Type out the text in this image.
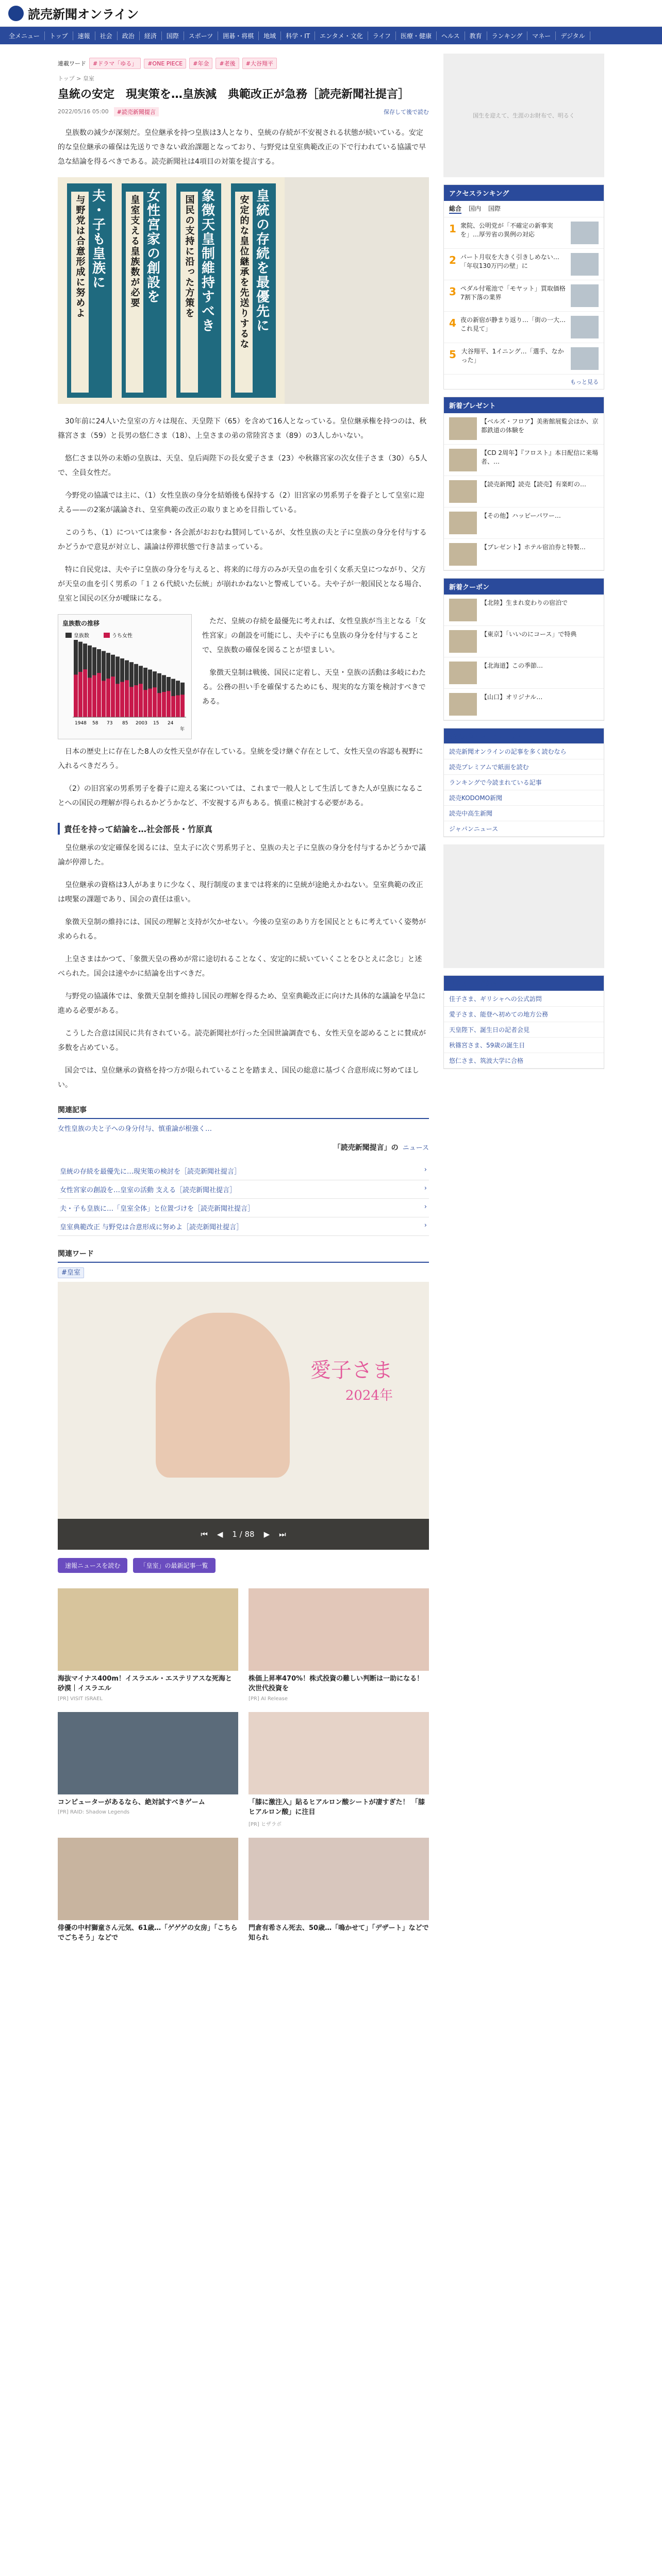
読売新聞オンライン
全メニュー	トップ	速報	社会	政治	経済	国際	スポーツ	囲碁・将棋	地域	科学・IT	エンタメ・文化	ライフ	医療・健康	ヘルス	教育	ランキング	マネー	デジタル
連載ワード	#ドラマ「ゆる」	#ONE PIECE	#年金	#老後	#大谷翔平
トップ > 皇室
皇統の安定　現実策を…皇族減　典範改正が急務［読売新聞社提言］
2022/05/16 05:00	#読売新聞提言	保存して後で読む

皇族数の減少が深刻だ。皇位継承を持つ皇族は3人となり、皇統の存続が不安視される状態が続いている。安定的な皇位継承の確保は先送りできない政治課題となっており、与野党は皇室典範改正の下で行われている協議で早急な結論を得るべきである。読売新聞社は4項目の対策を提言する。

皇統の存続を最優先に
安定的な皇位継承を先送りするな
象徴天皇制維持すべき
国民の支持に沿った方策を
女性宮家の創設を
皇室支える皇族数が必要
夫・子も皇族に
与野党は合意形成に努めよ

30年前に24人いた皇室の方々は現在、天皇陛下（65）を含めて16人となっている。皇位継承権を持つのは、秋篠宮さま（59）と長男の悠仁さま（18）、上皇さまの弟の常陸宮さま（89）の3人しかいない。

悠仁さま以外の未婚の皇族は、天皇、皇后両陛下の長女愛子さま（23）や秋篠宮家の次女佳子さま（30）ら5人で、全員女性だ。

今野党の協議では主に、（1）女性皇族の身分を結婚後も保持する（2）旧宮家の男系男子を養子として皇室に迎える——の2案が議論され、皇室典範の改正の取りまとめを目指している。

このうち、（1）については衆参・各会派がおおむね賛同しているが、女性皇族の夫と子に皇族の身分を付与するかどうかで意見が対立し、議論は停滞状態で行き詰まっている。

特に自民党は、夫や子に皇族の身分を与えると、将来的に母方のみが天皇の血を引く女系天皇につながり、父方が天皇の血を引く男系の「１２６代続いた伝統」が崩れかねないと警戒している。夫や子が一般国民となる場合、皇室と国民の区分が曖昧になる。

皇族数の推移
皇族数	うち女性
1948 58 73 85 2003 15 24
年

ただ、皇統の存続を最優先に考えれば、女性皇族が当主となる「女性宮家」の創設を可能にし、夫や子にも皇族の身分を付与することで、皇族数の確保を図ることが望ましい。

象徴天皇制は戦後、国民に定着し、天皇・皇族の活動は多岐にわたる。公務の担い手を確保するためにも、現実的な方策を検討すべきである。

日本の歴史上に存在した8人の女性天皇が存在している。皇統を受け継ぐ存在として、女性天皇の容認も視野に入れるべきだろう。

（2）の旧宮家の男系男子を養子に迎える案については、これまで一般人として生活してきた人が皇族になることへの国民の理解が得られるかどうかなど、不安視する声もある。慎重に検討する必要がある。

責任を持って結論を…社会部長・竹原真

皇位継承の安定確保を図るには、皇太子に次ぐ男系男子と、皇族の夫と子に皇族の身分を付与するかどうかで議論が停滞した。

皇位継承の資格は3人があまりに少なく、現行制度のままでは将来的に皇統が途絶えかねない。皇室典範の改正は喫緊の課題であり、国会の責任は重い。

象徴天皇制の維持には、国民の理解と支持が欠かせない。今後の皇室のあり方を国民とともに考えていく姿勢が求められる。

上皇さまはかつて、「象徴天皇の務めが常に途切れることなく、安定的に続いていくことをひとえに念じ」と述べられた。国会は速やかに結論を出すべきだ。

与野党の協議体では、象徴天皇制を維持し国民の理解を得るため、皇室典範改正に向けた具体的な議論を早急に進める必要がある。

こうした合意は国民に共有されている。読売新聞社が行った全国世論調査でも、女性天皇を認めることに賛成が多数を占めている。

国会では、皇位継承の資格を持つ方が限られていることを踏まえ、国民の総意に基づく合意形成に努めてほしい。

関連記事
女性皇族の夫と子への身分付与、慎重論が根強く…
「読売新聞提言」の ニュース
皇統の存続を最優先に…現実策の検討を［読売新聞社提言］	›
女性宮家の創設を…皇室の活動 支える［読売新聞社提言］	›
夫・子も皇族に…「皇室全体」と位置づけを［読売新聞社提言］	›
皇室典範改正 与野党は合意形成に努めよ［読売新聞社提言］	›
関連ワード
#皇室
愛子さま
2024年
⏮ ◀ 1 / 88 ▶ ⏭
速報ニュースを読む	「皇室」の最新記事一覧
海抜マイナス400m！イスラエル・エステリアスな死海と砂漠｜イスラエル
[PR] VISIT ISRAEL
株価上昇率470%！株式投資の難しい判断は一助になる！次世代投資を
[PR] AI Release
コンピューターがあるなら、絶対試すべきゲーム
[PR] RAID: Shadow Legends
「膝に激注入」貼るヒアルロン酸シートが凄すぎた！ 「膝ヒアルロン酸」に注目
[PR] ヒザラボ
俳優の中村獅童さん元気、61歳…「ゲゲゲの女房」「こちらでごちそう」などで
門倉有希さん死去、50歳…「鳴かせて」「デザート」などで知られ
国生を迎えて、生涯のお財布で、明るく
アクセスランキング
総合 国内 国際
1 衆院、公明党が「不確定の新事実を」…厚労省の異例の対応
2 パート月収を大きく引きしめない…「年収130万円の壁」に
3 ペダル付電池で「モヤット」買取価格7割下落の業界
4 夜の新宿が静まり返り…「街の一大…これ見て」
5 大谷翔平、1イニング…「選手、なかった」
もっと見る
新着プレゼント
【ベルズ・フロア】美術館展覧会ほか、京都鉄道の体験を
【CD 2周年】『フロスト』本日配信に来場者、…
【読売新聞】読売【読売】有楽町の…
【その他】ハッピーパワー…
【プレゼント】ホテル宿泊券と特製…
新着クーポン
【北陸】生まれ変わりの宿泊で
【東京】「いいのにコース」で特典
【北海道】この季節…
【山口】オリジナル…
読売新聞オンラインのおすすめ
読売新聞オンラインの記事を多く読むなら
読売プレミアムで紙面を読む
ランキングで今読まれている記事
読売KODOMO新聞
読売中高生新聞
ジャパンニュース
「皇室」の最新記事
佳子さま、ギリシャへの公式訪問
愛子さま、能登へ初めての地方公務
天皇陛下、誕生日の記者会見
秋篠宮さま、59歳の誕生日
悠仁さま、筑波大学に合格
